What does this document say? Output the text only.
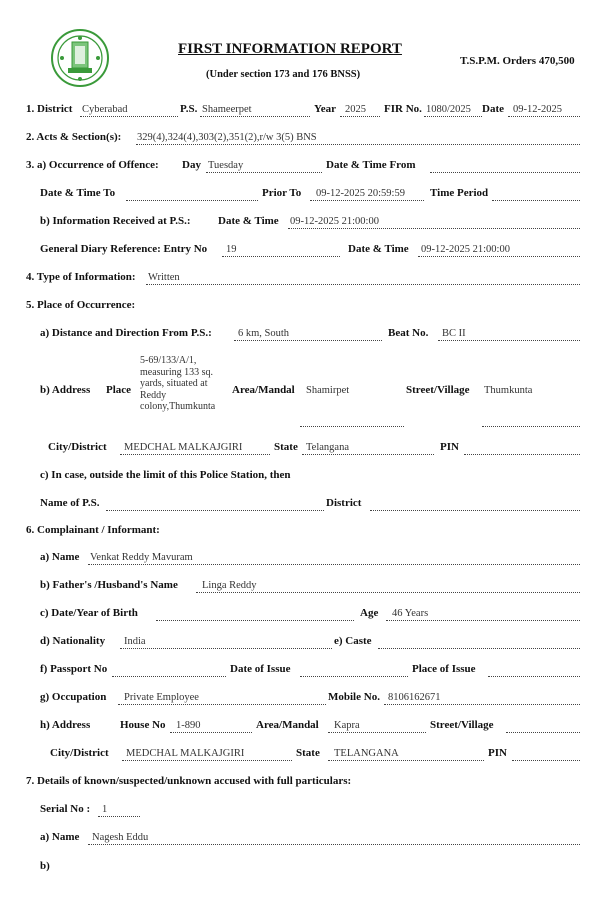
FIRST INFORMATION REPORT
(Under section 173 and 176 BNSS)
T.S.P.M. Orders 470,500
1. District Cyberabad	P.S. Shameerpet	Year 2025 FIR No. 1080/2025 Date 09-12-2025
2. Acts & Section(s): 329(4),324(4),303(2),351(2),r/w 3(5) BNS
3. a) Occurrence of Offence: Day Tuesday	Date & Time From
Date & Time To	Prior To 09-12-2025 20:59:59 Time Period
b) Information Received at P.S.: Date & Time 09-12-2025 21:00:00
General Diary Reference: Entry No 19	Date & Time 09-12-2025 21:00:00
4. Type of Information: Written
5. Place of Occurrence:
a) Distance and Direction From P.S.: 6 km, South	Beat No. BC II
b) Address Place
5-69/133/A/1, measuring 133 sq. yards, situated at Reddy colony,Thumkunta
Area/Mandal Shamirpet	Street/Village Thumkunta
City/District MEDCHAL MALKAJGIRI	State Telangana	PIN
c) In case, outside the limit of this Police Station, then
Name of P.S.	District
6. Complainant / Informant:
a) Name Venkat Reddy Mavuram
b) Father's /Husband's Name Linga Reddy
c) Date/Year of Birth	Age 46 Years
d) Nationality India	e) Caste
f) Passport No	Date of Issue	Place of Issue
g) Occupation Private Employee	Mobile No. 8106162671
h) Address	House No 1-890	Area/Mandal Kapra	Street/Village
City/District MEDCHAL MALKAJGIRI	State TELANGANA	PIN
7. Details of known/suspected/unknown accused with full particulars:
Serial No : 1
a) Name Nagesh Eddu
b)
